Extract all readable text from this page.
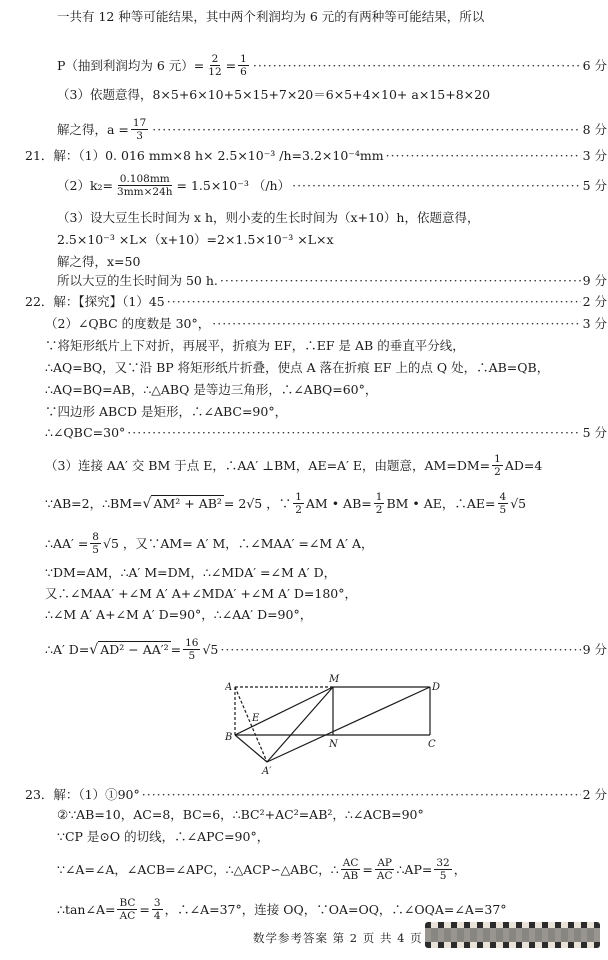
一共有 12 种等可能结果，其中两个利润均为 6 元的有两种等可能结果，所以
P（抽到利润均为 6 元）= $\frac{2}{12} = \frac{1}{6}$ ·····	6 分
（3）依题意得，8×5+6×10+5×15+7×20＝6×5+4×10+ a×15+8×20
解之得，$a = \frac{17}{3}$ ·····	8 分
21．解：（1）0. 016 mm×8 h× 2.5×10⁻³ /h=3.2×10⁻⁴mm ·····	3 分
$(2)k_2= \frac{0.108mm}{3mm\times 24h} = 1.5\times 10^{-3}$ （/h） ·····	5 分
（3）设大豆生长时间为 x h，则小麦的生长时间为（x+10）h，依题意得，
2.5×10⁻³ ×L×（x+10）=2×1.5×10⁻³ ×L×x
解之得，x=50
所以大豆的生长时间为 50 h. ·····	9 分
22．解：【探究】（1）45 ·····	2 分
（2）∠QBC 的度数是 30°， ·····	3 分
∵将矩形纸片上下对折，再展平，折痕为 EF，∴EF 是 AB 的垂直平分线，
∴AQ=BQ，又∵沿 BP 将矩形纸片折叠，使点 A 落在折痕 EF 上的点 Q 处，∴AB=QB，
∴AQ=BQ=AB，∴△ABQ 是等边三角形，∴∠ABQ=60°，
∵四边形 ABCD 是矩形，∴∠ABC=90°，
∴∠QBC=30° ·····	5 分
（3）连接 AA′ 交 BM 于点 E，∴AA′ ⊥BM，AE=A′ E，由题意，$AM=DM= \frac{1}{2} AD=4$
∵AB=2，∴BM= √ AM² + AB² = 2√5 ，∵ $\frac{1}{2}$ AM • $AB= \frac{1}{2}$ BM • AE，∴AE= $\frac{4}{5} √5$
∴AA′ = $\frac{8}{5} √5$ ，又∵AM= A′ M，∴∠MAA′ =∠M A′ A，
∵DM=AM，∴A′ M=DM，∴∠MDA′ =∠M A′ D，
又∴∠MAA′ +∠M A′ A+∠MDA′ +∠M A′ D=180°，
∴∠M A′ A+∠M A′ D=90°，∴∠AA′ D=90°，
∴A′ D= √ $AD^2 - AA'^2 = \frac{16}{5} √5$ ·····	9 分
A
M
D
E
B
N	C
A′
23．解：（1）①90° ·····	2 分
②∵AB=10，AC=8，BC=6，∴BC²+AC²=AB²，∴∠ACB=90°
∵CP 是⊙O 的切线，∴∠APC=90°，
∵∠A=∠A，∠ACB=∠APC，∴△ACP∽△ABC，∴ $\frac{AC}{AB} = \frac{AP}{AC}$ ∴AP= $\frac{32}{5}$ ，
∴tan∠A= $\frac{BC}{AC} = \frac{3}{4}$ ，∴∠A=37°，连接 OQ，∵OA=OQ，∴∠OQA=∠A=37°
数学参考答案 第 2 页 共 4 页
